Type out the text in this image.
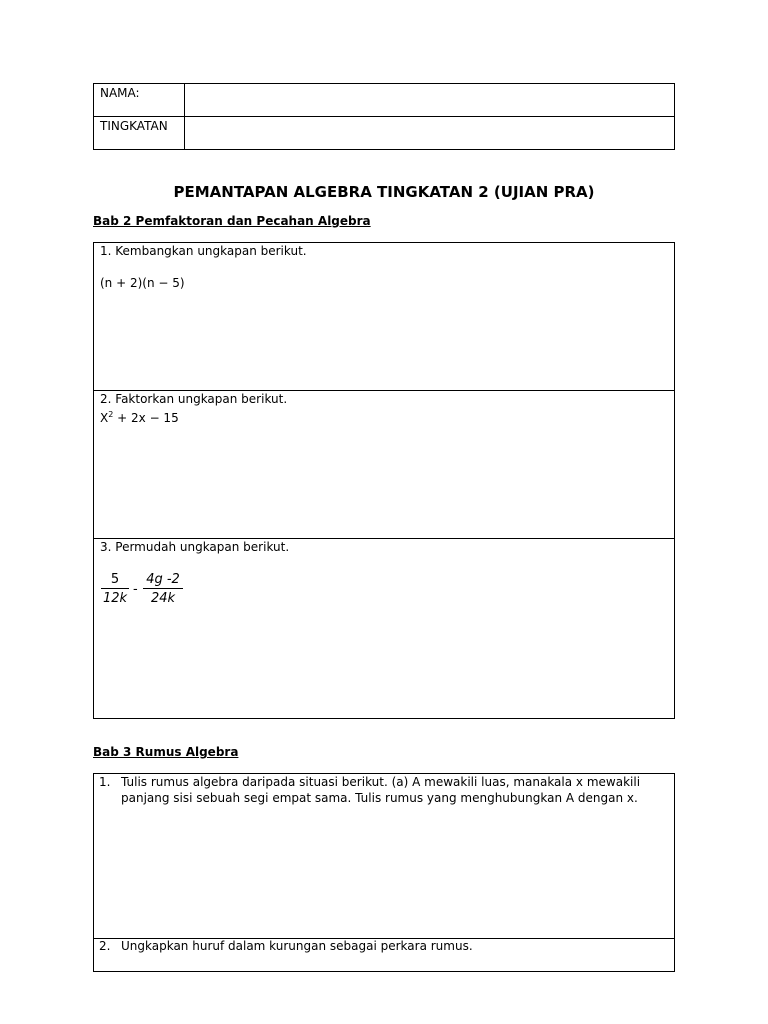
NAMA:
TINGKATAN
PEMANTAPAN ALGEBRA TINGKATAN 2 (UJIAN PRA)
Bab 2 Pemfaktoran dan Pecahan Algebra
1. Kembangkan ungkapan berikut.
(n + 2)(n − 5)
2. Faktorkan ungkapan berikut.
$X^2 + 2x - 15$
3. Permudah ungkapan berikut.
5
12k
-
4g -2
24k
Bab 3 Rumus Algebra
1. Tulis rumus algebra daripada situasi berikut. (a) A mewakili luas, manakala x mewakili panjang sisi sebuah segi empat sama. Tulis rumus yang menghubungkan A dengan x.
2. Ungkapkan huruf dalam kurungan sebagai perkara rumus.
